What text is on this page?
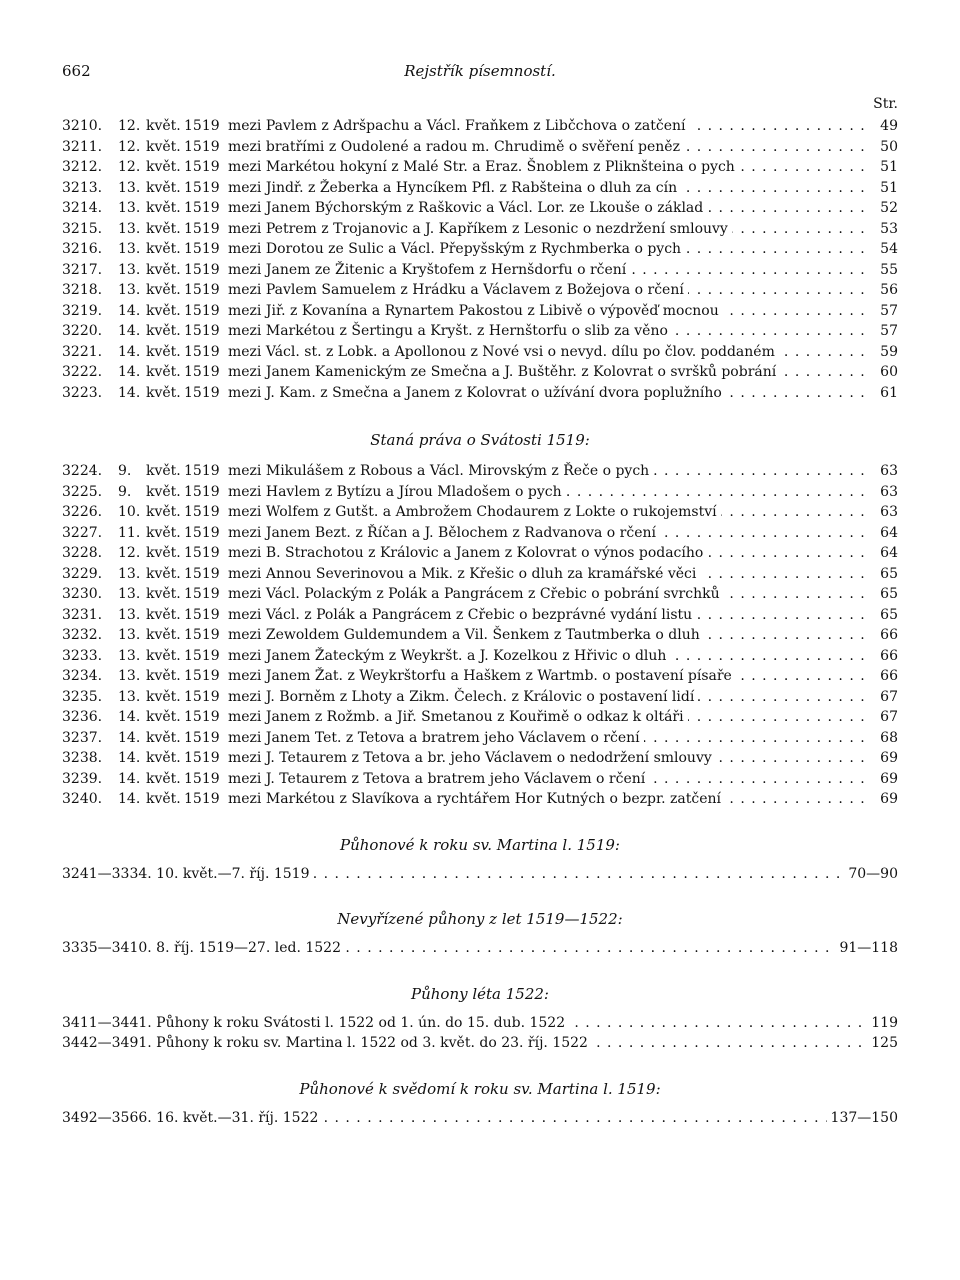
662	Rejstřík písemností.
Str.
3210.	12. květ. 1519 mezi Pavlem z Adršpachu a Václ. Fraňkem z Libčchova o zatčení . . .	49
3211.	12. květ. 1519 mezi bratřími z Oudolené a radou m. Chrudimě o svěření peněz . . .	50
3212.	12. květ. 1519 mezi Markétou hokyní z Malé Str. a Eraz. Šnoblem z Pliknšteina o pych . . .	51
3213.	13. květ. 1519 mezi Jindř. z Žeberka a Hyncíkem Pfl. z Rabšteina o dluh za cín . . .	51
3214.	13. květ. 1519 mezi Janem Býchorským z Raškovic a Václ. Lor. ze Lkouše o základ . . .	52
3215.	13. květ. 1519 mezi Petrem z Trojanovic a J. Kapříkem z Lesonic o nezdržení smlouvy . . .	53
3216.	13. květ. 1519 mezi Dorotou ze Sulic a Václ. Přepyšským z Rychmberka o pych . . .	54
3217.	13. květ. 1519 mezi Janem ze Žitenic a Kryštofem z Hernšdorfu o rčení . . .	55
3218.	13. květ. 1519 mezi Pavlem Samuelem z Hrádku a Václavem z Božejova o rčení . . .	56
3219.	14. květ. 1519 mezi Jiř. z Kovanína a Rynartem Pakostou z Libivě o výpověď mocnou . . .	57
3220.	14. květ. 1519 mezi Markétou z Šertingu a Kryšt. z Hernštorfu o slib za věno . . .	57
3221.	14. květ. 1519 mezi Václ. st. z Lobk. a Apollonou z Nové vsi o nevyd. dílu po člov. poddaném . . .	59
3222.	14. květ. 1519 mezi Janem Kamenickým ze Smečna a J. Buštěhr. z Kolovrat o svršků pobrání . . .	60
3223.	14. květ. 1519 mezi J. Kam. z Smečna a Janem z Kolovrat o užívání dvora poplužního . . .	61
Staná práva o Svátosti 1519:
3224.	9.	květ. 1519 mezi Mikulášem z Robous a Václ. Mirovským z Řeče o pych . . .	63
3225.	9.	květ. 1519 mezi Havlem z Bytízu a Jírou Mladošem o pych . . .	63
3226.	10. květ. 1519 mezi Wolfem z Gutšt. a Ambrožem Chodaurem z Lokte o rukojemství . . .	63
3227.	11. květ. 1519 mezi Janem Bezt. z Říčan a J. Bělochem z Radvanova o rčení . . .	64
3228.	12. květ. 1519 mezi B. Strachotou z Královic a Janem z Kolovrat o výnos podacího . . .	64
3229.	13. květ. 1519 mezi Annou Severinovou a Mik. z Křešic o dluh za kramářské věci . . .	65
3230.	13. květ. 1519 mezi Václ. Polackým z Polák a Pangrácem z Cřebic o pobrání svrchků . . .	65
3231.	13. květ. 1519 mezi Václ. z Polák a Pangrácem z Cřebic o bezprávné vydání listu . . .	65
3232.	13. květ. 1519 mezi Zewoldem Guldemundem a Vil. Šenkem z Tautmberka o dluh . . .	66
3233.	13. květ. 1519 mezi Janem Žateckým z Weykršt. a J. Kozelkou z Hřivic o dluh . . .	66
3234.	13. květ. 1519 mezi Janem Žat. z Weykrštorfu a Haškem z Wartmb. o postavení písaře . . .	66
3235.	13. květ. 1519 mezi J. Borněm z Lhoty a Zikm. Čelech. z Královic o postavení lidí . . .	67
3236.	14. květ. 1519 mezi Janem z Rožmb. a Jiř. Smetanou z Kouřimě o odkaz k oltáři . . .	67
3237.	14. květ. 1519 mezi Janem Tet. z Tetova a bratrem jeho Václavem o rčení . . .	68
3238.	14. květ. 1519 mezi J. Tetaurem z Tetova a br. jeho Václavem o nedodržení smlouvy . . .	69
3239.	14. květ. 1519 mezi J. Tetaurem z Tetova a bratrem jeho Václavem o rčení . . .	69
3240.	14. květ. 1519 mezi Markétou z Slavíkova a rychtářem Hor Kutných o bezpr. zatčení . . .	69
Půhonové k roku sv. Martina l. 1519:
3241—3334. 10. květ.—7. říj. 1519 . . .	70—90
Nevyřízené půhony z let 1519—1522:
3335—3410. 8. říj. 1519—27. led. 1522 . . .	91—118
Půhony léta 1522:
3411—3441. Půhony k roku Svátosti l. 1522 od 1. ún. do 15. dub. 1522 . . .	119
3442—3491. Půhony k roku sv. Martina l. 1522 od 3. květ. do 23. říj. 1522 . . .	125
Půhonové k svědomí k roku sv. Martina l. 1519:
3492—3566. 16. květ.—31. říj. 1522 . . .	137—150
